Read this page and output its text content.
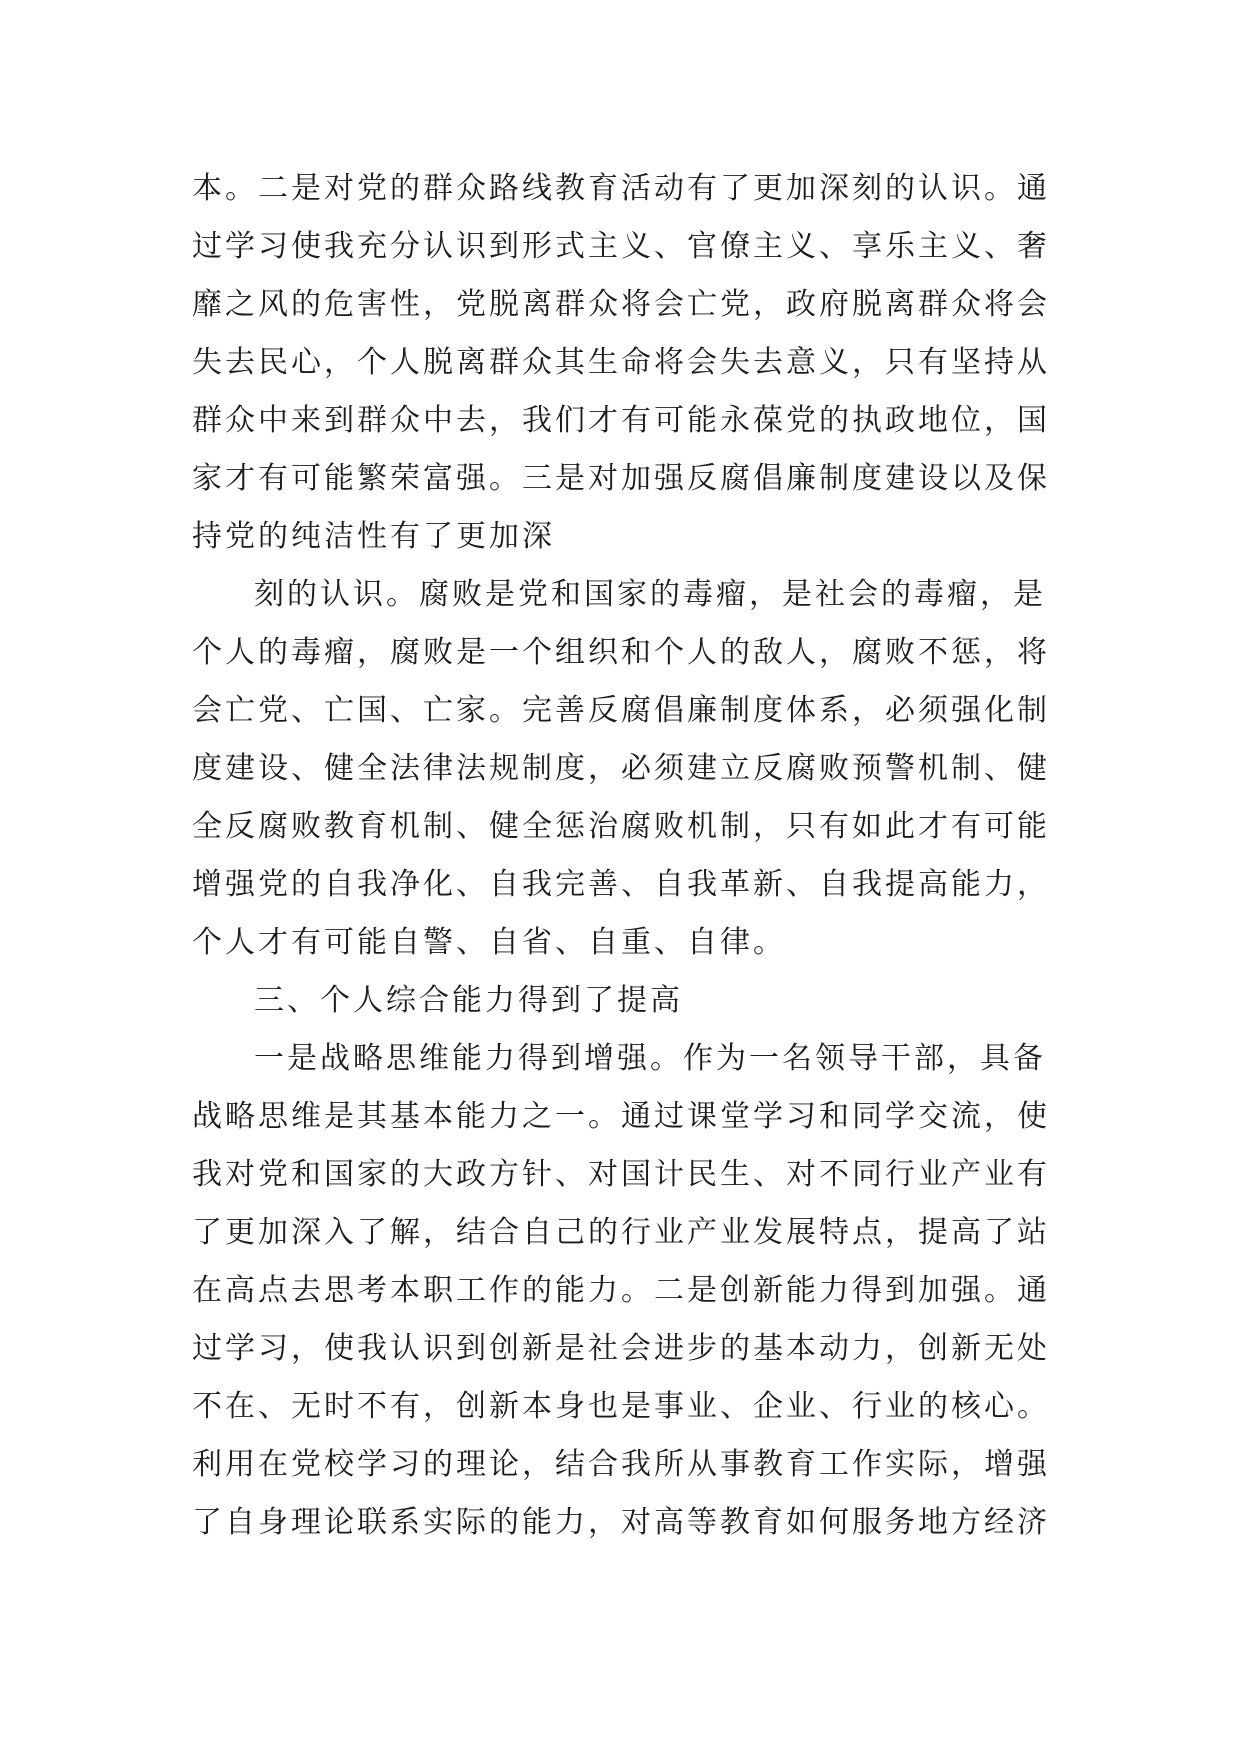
本。二是对党的群众路线教育活动有了更加深刻的认识。通

过学习使我充分认识到形式主义、官僚主义、享乐主义、奢

靡之风的危害性，党脱离群众将会亡党，政府脱离群众将会

失去民心，个人脱离群众其生命将会失去意义，只有坚持从

群众中来到群众中去，我们才有可能永葆党的执政地位，国

家才有可能繁荣富强。三是对加强反腐倡廉制度建设以及保

持党的纯洁性有了更加深

刻的认识。腐败是党和国家的毒瘤，是社会的毒瘤，是

个人的毒瘤，腐败是一个组织和个人的敌人，腐败不惩，将

会亡党、亡国、亡家。完善反腐倡廉制度体系，必须强化制

度建设、健全法律法规制度，必须建立反腐败预警机制、健

全反腐败教育机制、健全惩治腐败机制，只有如此才有可能

增强党的自我净化、自我完善、自我革新、自我提高能力，

个人才有可能自警、自省、自重、自律。

三、个人综合能力得到了提高

一是战略思维能力得到增强。作为一名领导干部，具备

战略思维是其基本能力之一。通过课堂学习和同学交流，使

我对党和国家的大政方针、对国计民生、对不同行业产业有

了更加深入了解，结合自己的行业产业发展特点，提高了站

在高点去思考本职工作的能力。二是创新能力得到加强。通

过学习，使我认识到创新是社会进步的基本动力，创新无处

不在、无时不有，创新本身也是事业、企业、行业的核心。

利用在党校学习的理论，结合我所从事教育工作实际，增强

了自身理论联系实际的能力，对高等教育如何服务地方经济
